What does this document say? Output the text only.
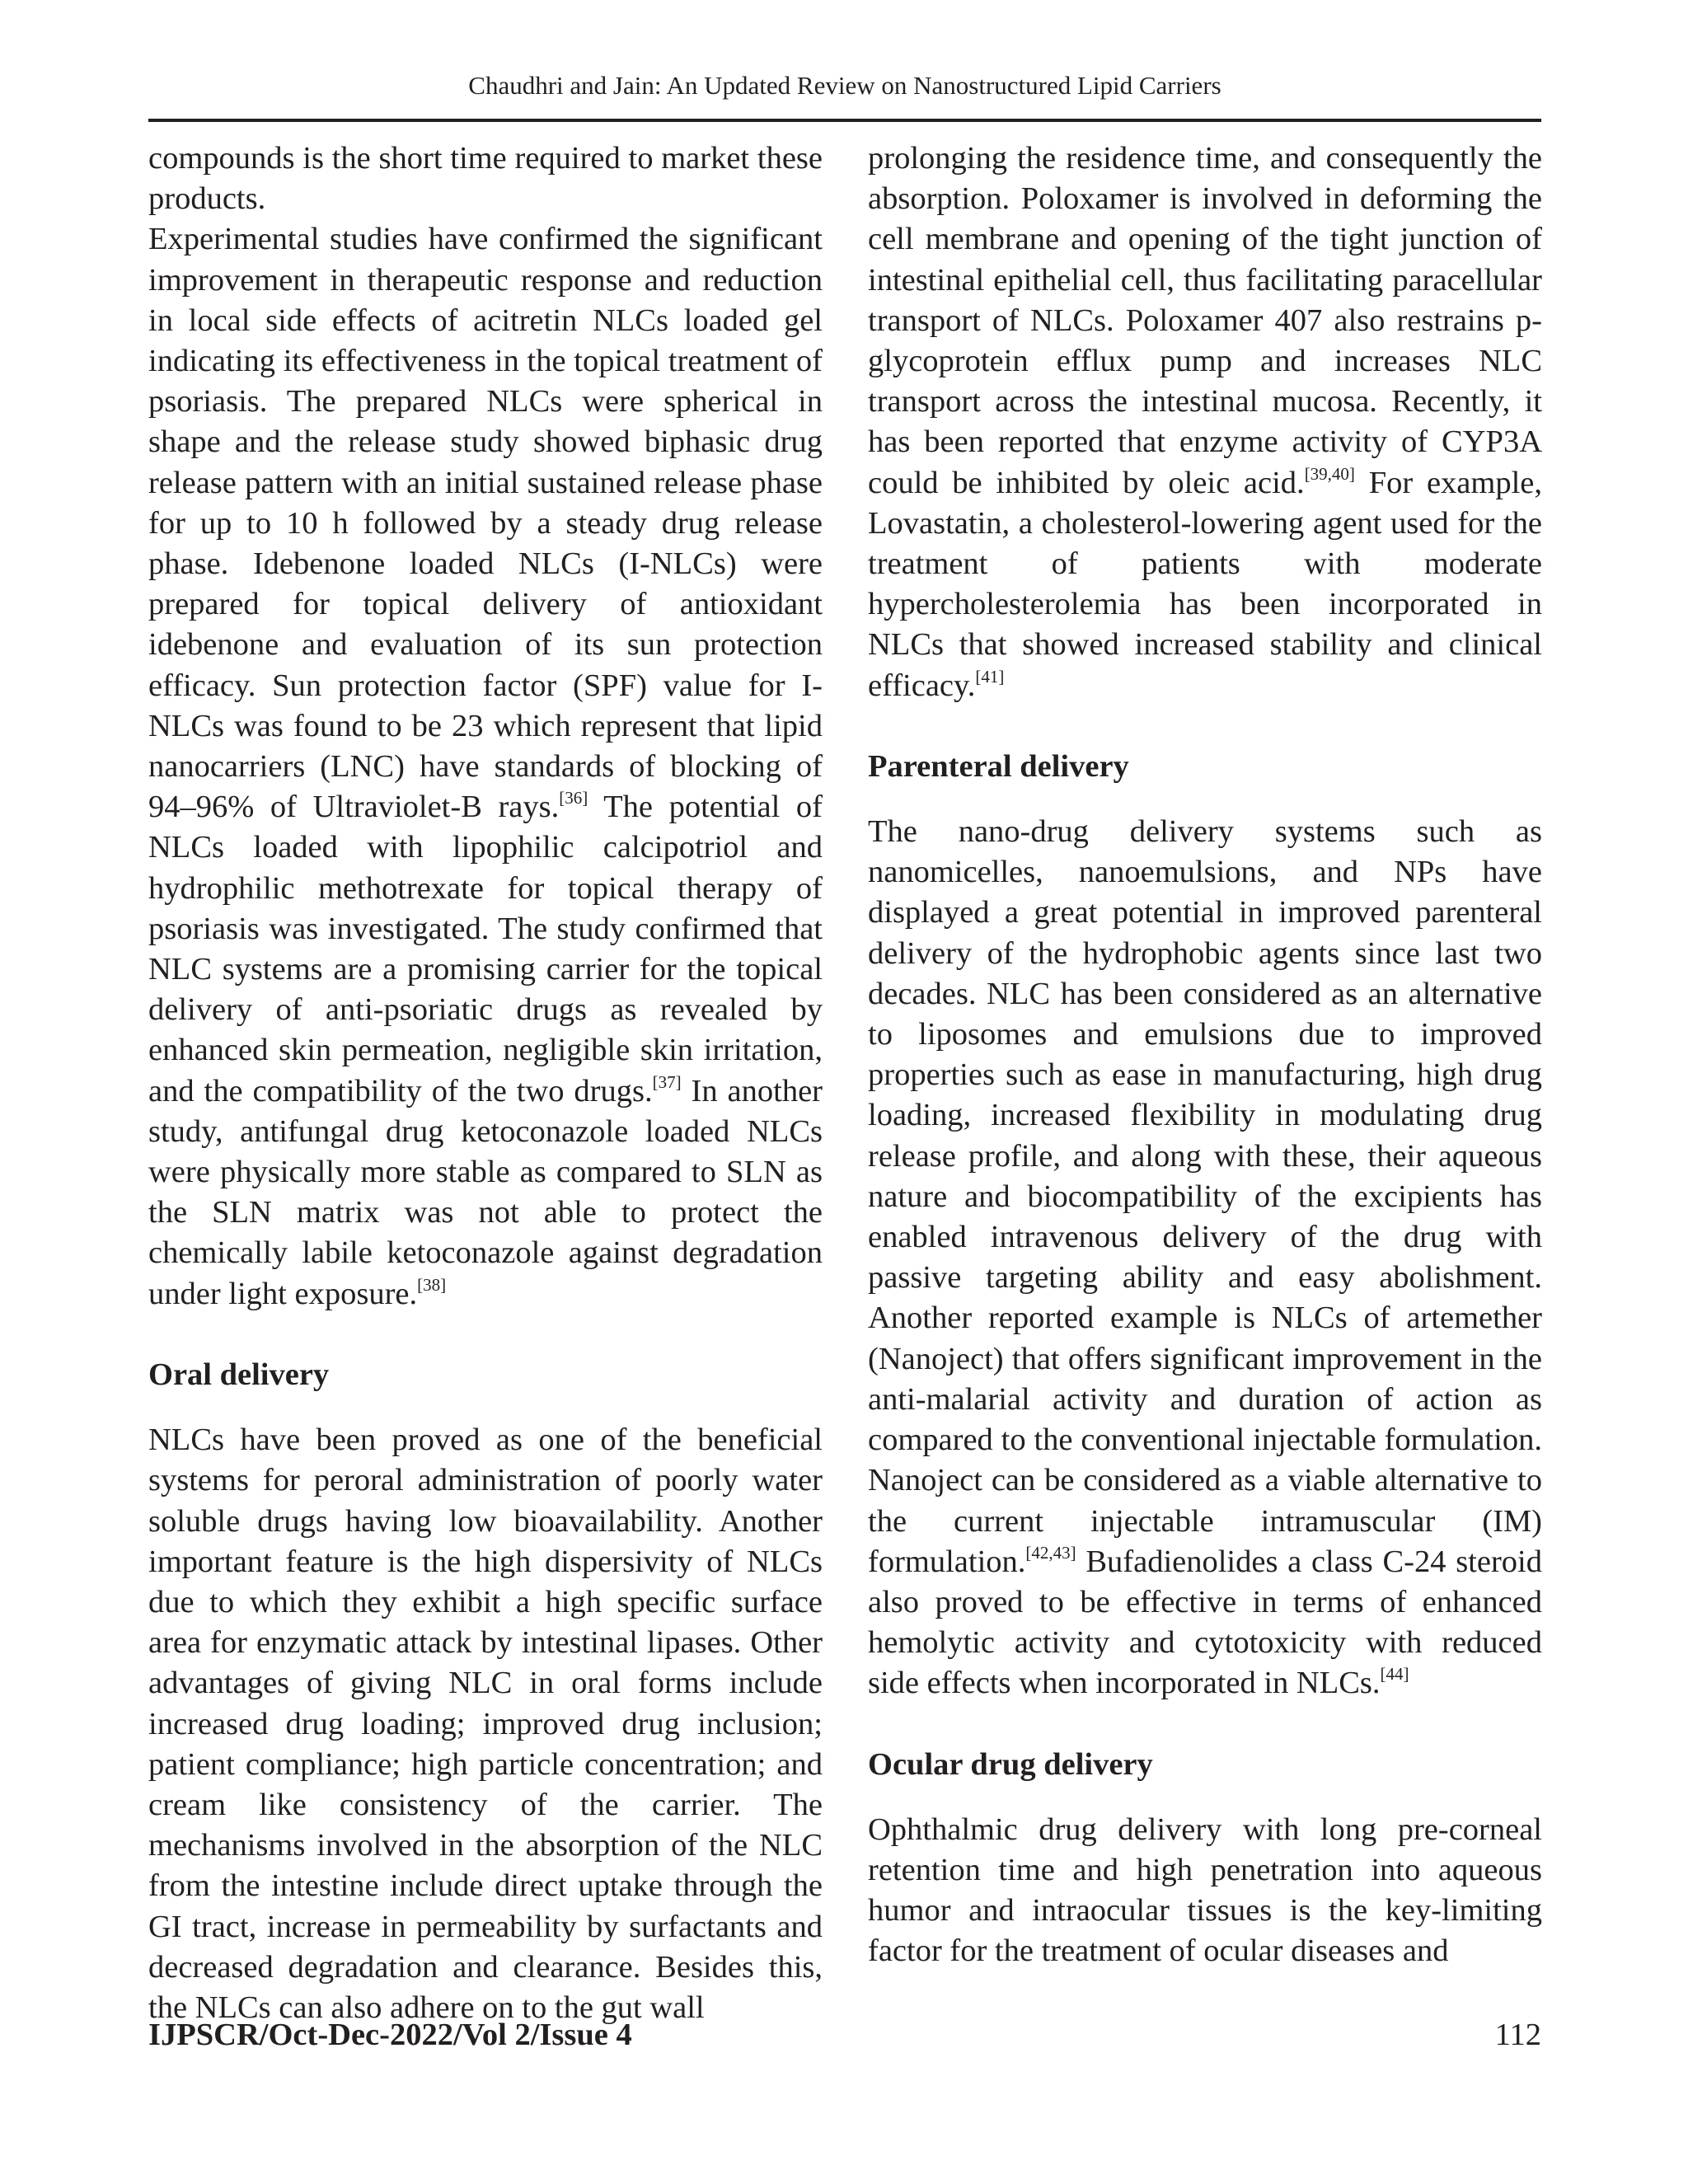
Chaudhri and Jain: An Updated Review on Nanostructured Lipid Carriers

compounds is the short time required to market these products.

Experimental studies have confirmed the significant improvement in therapeutic response and reduction in local side effects of acitretin NLCs loaded gel indicating its effectiveness in the topical treatment of psoriasis. The prepared NLCs were spherical in shape and the release study showed biphasic drug release pattern with an initial sustained release phase for up to 10 h followed by a steady drug release phase. Idebenone loaded NLCs (I-NLCs) were prepared for topical delivery of antioxidant idebenone and evaluation of its sun protection efficacy. Sun protection factor (SPF) value for I-NLCs was found to be 23 which represent that lipid nanocarriers (LNC) have standards of blocking of 94–96% of Ultraviolet-B rays.[36] The potential of NLCs loaded with lipophilic calcipotriol and hydrophilic methotrexate for topical therapy of psoriasis was investigated. The study confirmed that NLC systems are a promising carrier for the topical delivery of anti-psoriatic drugs as revealed by enhanced skin permeation, negligible skin irritation, and the compatibility of the two drugs.[37] In another study, antifungal drug ketoconazole loaded NLCs were physically more stable as compared to SLN as the SLN matrix was not able to protect the chemically labile ketoconazole against degradation under light exposure.[38]

Oral delivery

NLCs have been proved as one of the beneficial systems for peroral administration of poorly water soluble drugs having low bioavailability. Another important feature is the high dispersivity of NLCs due to which they exhibit a high specific surface area for enzymatic attack by intestinal lipases. Other advantages of giving NLC in oral forms include increased drug loading; improved drug inclusion; patient compliance; high particle concentration; and cream like consistency of the carrier. The mechanisms involved in the absorption of the NLC from the intestine include direct uptake through the GI tract, increase in permeability by surfactants and decreased degradation and clearance. Besides this, the NLCs can also adhere on to the gut wall

prolonging the residence time, and consequently the absorption. Poloxamer is involved in deforming the cell membrane and opening of the tight junction of intestinal epithelial cell, thus facilitating paracellular transport of NLCs. Poloxamer 407 also restrains p-glycoprotein efflux pump and increases NLC transport across the intestinal mucosa. Recently, it has been reported that enzyme activity of CYP3A could be inhibited by oleic acid.[39,40] For example, Lovastatin, a cholesterol-lowering agent used for the treatment of patients with moderate hypercholesterolemia has been incorporated in NLCs that showed increased stability and clinical efficacy.[41]

Parenteral delivery

The nano-drug delivery systems such as nanomicelles, nanoemulsions, and NPs have displayed a great potential in improved parenteral delivery of the hydrophobic agents since last two decades. NLC has been considered as an alternative to liposomes and emulsions due to improved properties such as ease in manufacturing, high drug loading, increased flexibility in modulating drug release profile, and along with these, their aqueous nature and biocompatibility of the excipients has enabled intravenous delivery of the drug with passive targeting ability and easy abolishment. Another reported example is NLCs of artemether (Nanoject) that offers significant improvement in the anti-malarial activity and duration of action as compared to the conventional injectable formulation. Nanoject can be considered as a viable alternative to the current injectable intramuscular (IM) formulation.[42,43] Bufadienolides a class C-24 steroid also proved to be effective in terms of enhanced hemolytic activity and cytotoxicity with reduced side effects when incorporated in NLCs.[44]

Ocular drug delivery

Ophthalmic drug delivery with long pre-corneal retention time and high penetration into aqueous humor and intraocular tissues is the key-limiting factor for the treatment of ocular diseases and

IJPSCR/Oct-Dec-2022/Vol 2/Issue 4	112
